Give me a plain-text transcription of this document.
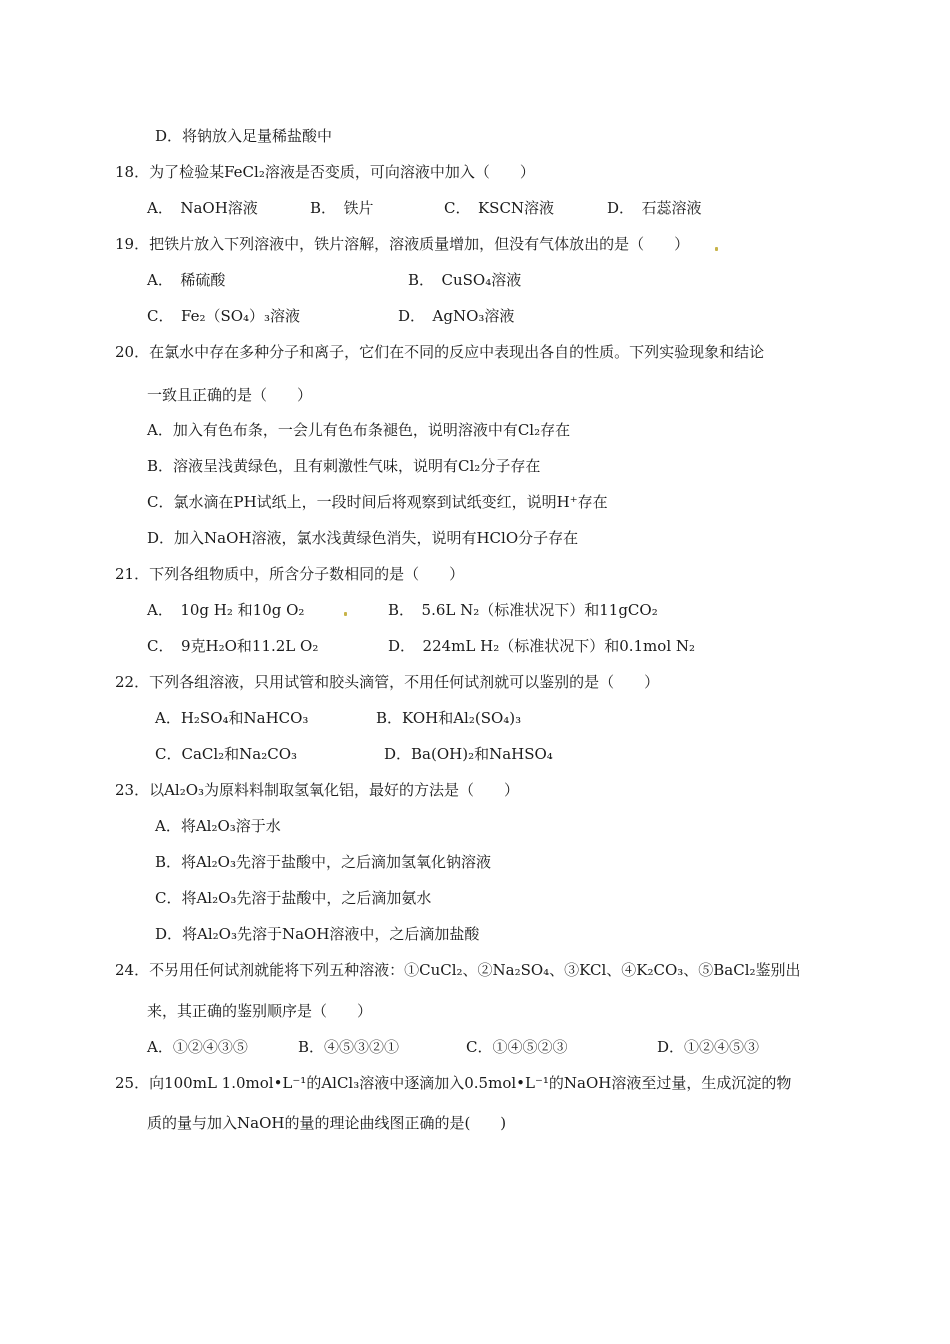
D．将钠放入足量稀盐酸中
18．为了检验某FeCl₂溶液是否变质，可向溶液中加入（　　）
A．　NaOH溶液	B．　铁片	C．　KSCN溶液	D．　石蕊溶液
19．把铁片放入下列溶液中，铁片溶解，溶液质量增加，但没有气体放出的是（　　）
A．　稀硫酸	B．　CuSO₄溶液
C．　Fe₂（SO₄）₃溶液	D．　AgNO₃溶液
20．在氯水中存在多种分子和离子，它们在不同的反应中表现出各自的性质。下列实验现象和结论
一致且正确的是（　　）
A．加入有色布条，一会儿有色布条褪色，说明溶液中有Cl₂存在
B．溶液呈浅黄绿色，且有刺激性气味，说明有Cl₂分子存在
C．氯水滴在PH试纸上，一段时间后将观察到试纸变红，说明H⁺存在
D．加入NaOH溶液，氯水浅黄绿色消失，说明有HClO分子存在
21．下列各组物质中，所含分子数相同的是（　　）
A．　10g H₂ 和10g O₂	B．　5.6L N₂（标准状况下）和11gCO₂
C．　9克H₂O和11.2L O₂	D．　224mL H₂（标准状况下）和0.1mol N₂
22．下列各组溶液，只用试管和胶头滴管，不用任何试剂就可以鉴别的是（　　）
A．H₂SO₄和NaHCO₃	B．KOH和Al₂(SO₄)₃
C．CaCl₂和Na₂CO₃	D．Ba(OH)₂和NaHSO₄
23．以Al₂O₃为原料料制取氢氧化铝，最好的方法是（　　）
A．将Al₂O₃溶于水
B．将Al₂O₃先溶于盐酸中，之后滴加氢氧化钠溶液
C．将Al₂O₃先溶于盐酸中，之后滴加氨水
D．将Al₂O₃先溶于NaOH溶液中，之后滴加盐酸
24．不另用任何试剂就能将下列五种溶液：①CuCl₂、②Na₂SO₄、③KCl、④K₂CO₃、⑤BaCl₂鉴别出
来，其正确的鉴别顺序是（　　）
A．①②④③⑤	B．④⑤③②①	C．①④⑤②③	D．①②④⑤③
25．向100mL 1.0mol•L⁻¹的AlCl₃溶液中逐滴加入0.5mol•L⁻¹的NaOH溶液至过量，生成沉淀的物
质的量与加入NaOH的量的理论曲线图正确的是(　　)
